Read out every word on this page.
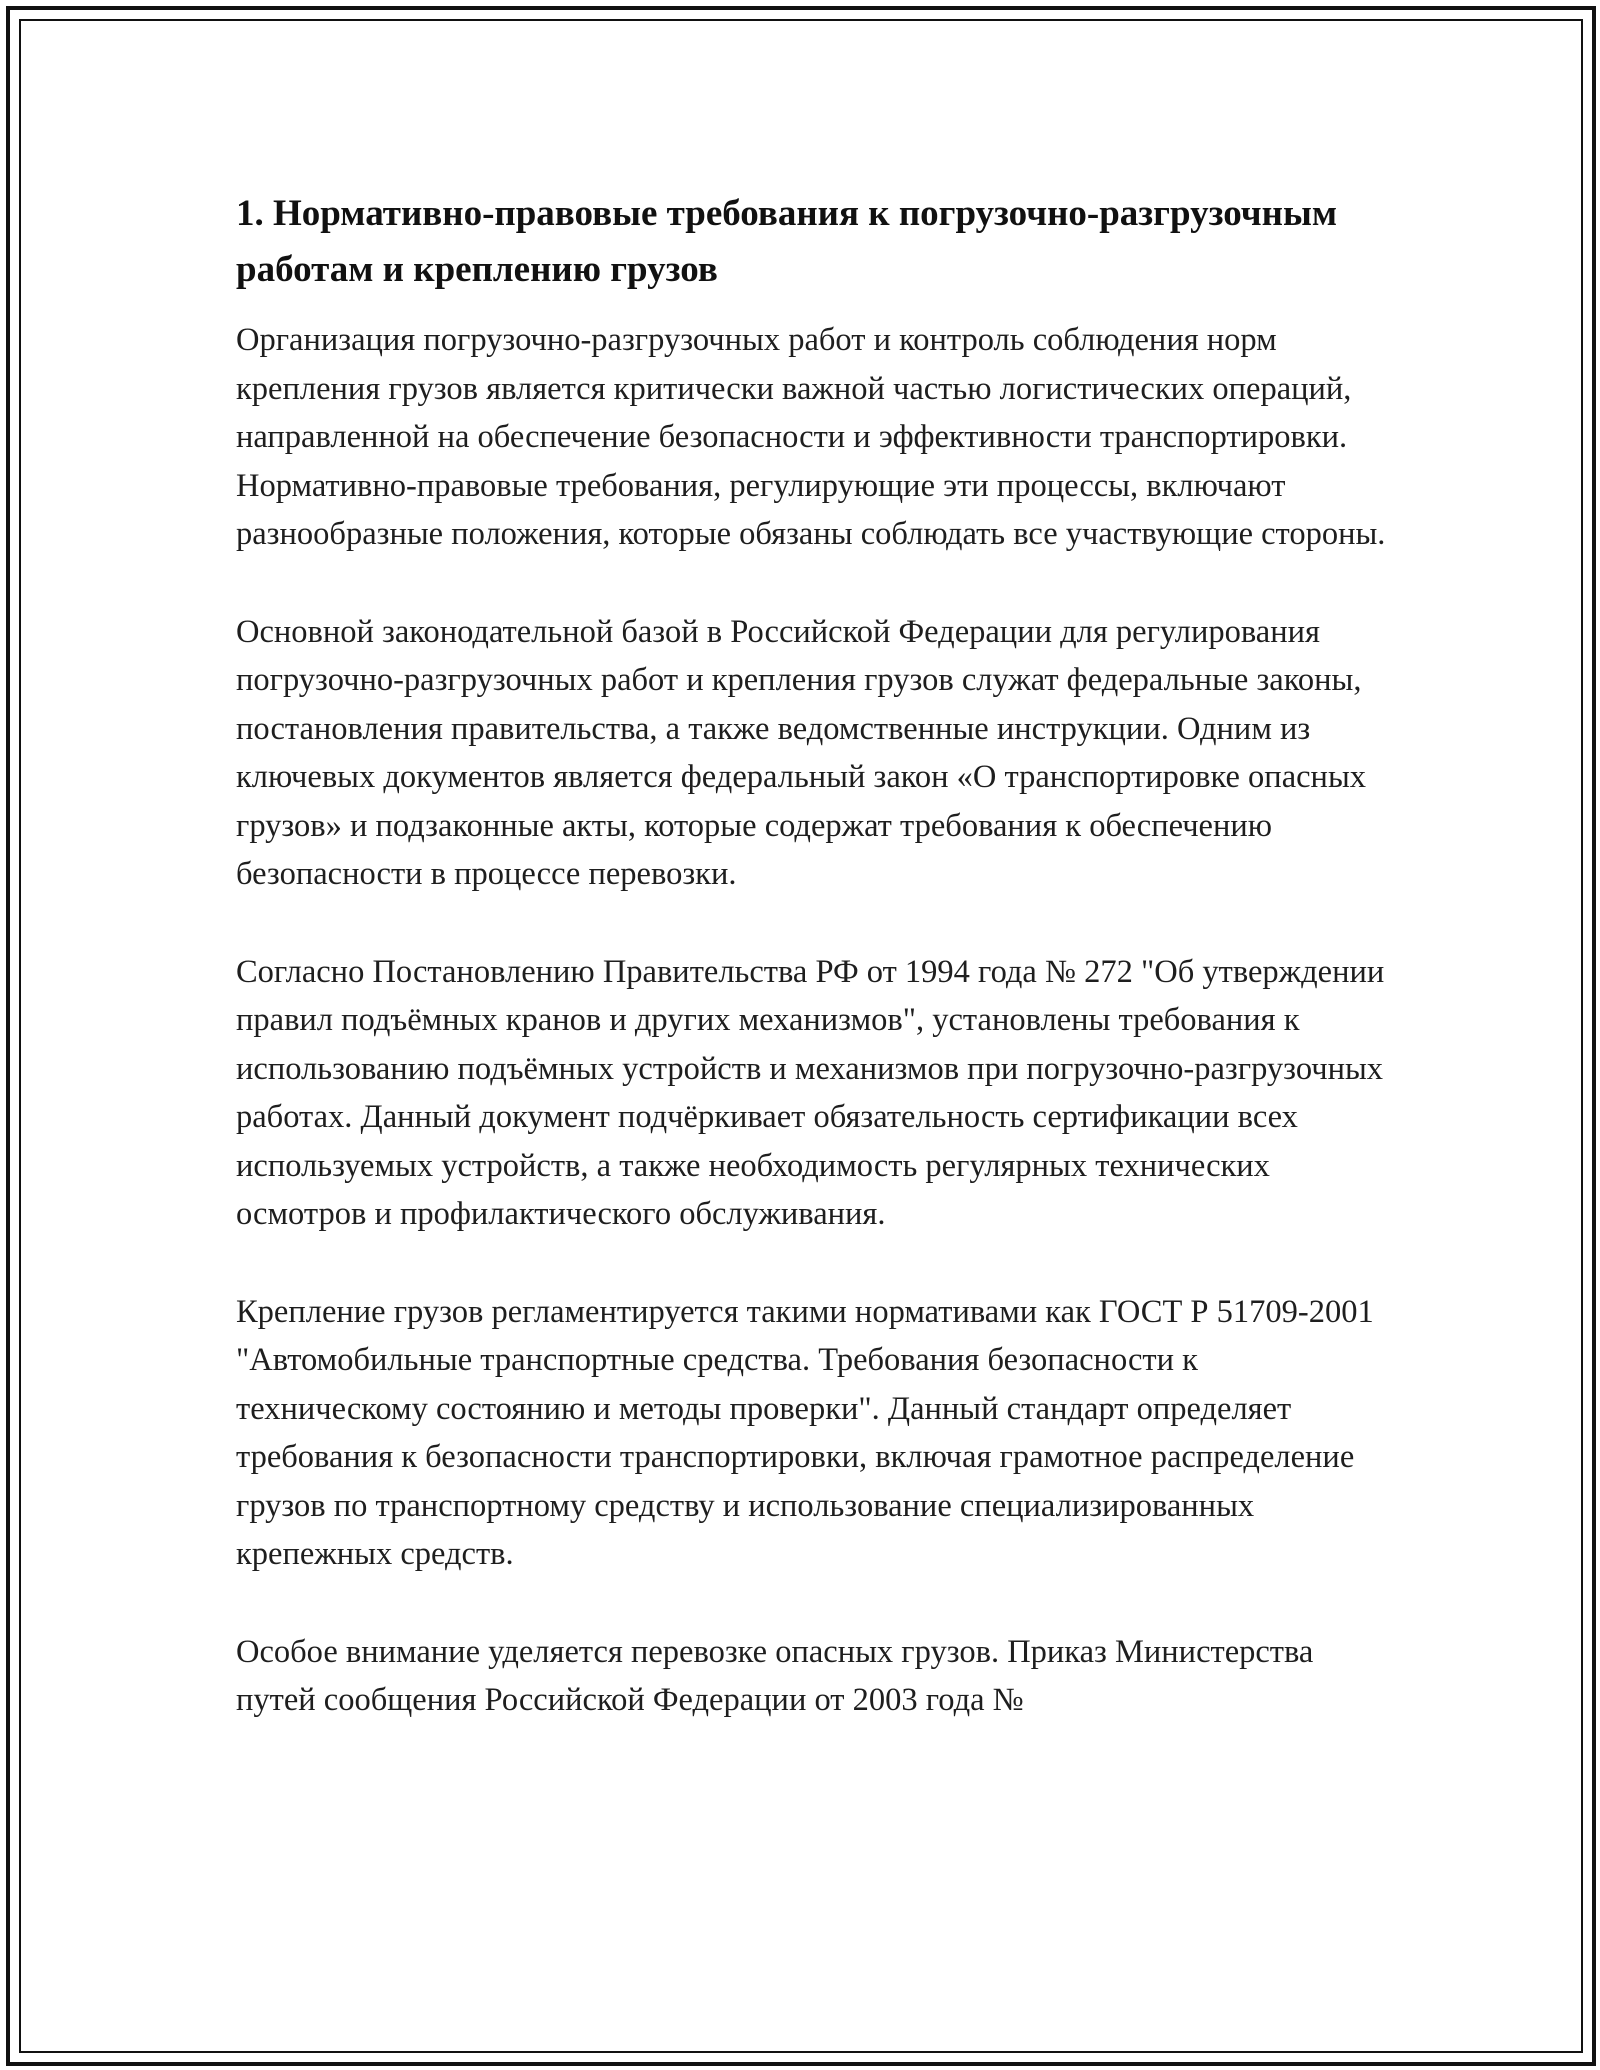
1. Нормативно-правовые требования к погрузочно-разгрузочным работам и креплению грузов

Организация погрузочно-разгрузочных работ и контроль соблюдения норм крепления грузов является критически важной частью логистических операций, направленной на обеспечение безопасности и эффективности транспортировки. Нормативно-правовые требования, регулирующие эти процессы, включают разнообразные положения, которые обязаны соблюдать все участвующие стороны.

Основной законодательной базой в Российской Федерации для регулирования погрузочно-разгрузочных работ и крепления грузов служат федеральные законы, постановления правительства, а также ведомственные инструкции. Одним из ключевых документов является федеральный закон «О транспортировке опасных грузов» и подзаконные акты, которые содержат требования к обеспечению безопасности в процессе перевозки.

Согласно Постановлению Правительства РФ от 1994 года № 272 "Об утверждении правил подъёмных кранов и других механизмов", установлены требования к использованию подъёмных устройств и механизмов при погрузочно-разгрузочных работах. Данный документ подчёркивает обязательность сертификации всех используемых устройств, а также необходимость регулярных технических осмотров и профилактического обслуживания.

Крепление грузов регламентируется такими нормативами как ГОСТ Р 51709-2001 "Автомобильные транспортные средства. Требования безопасности к техническому состоянию и методы проверки". Данный стандарт определяет требования к безопасности транспортировки, включая грамотное распределение грузов по транспортному средству и использование специализированных крепежных средств.

Особое внимание уделяется перевозке опасных грузов. Приказ Министерства путей сообщения Российской Федерации от 2003 года №
